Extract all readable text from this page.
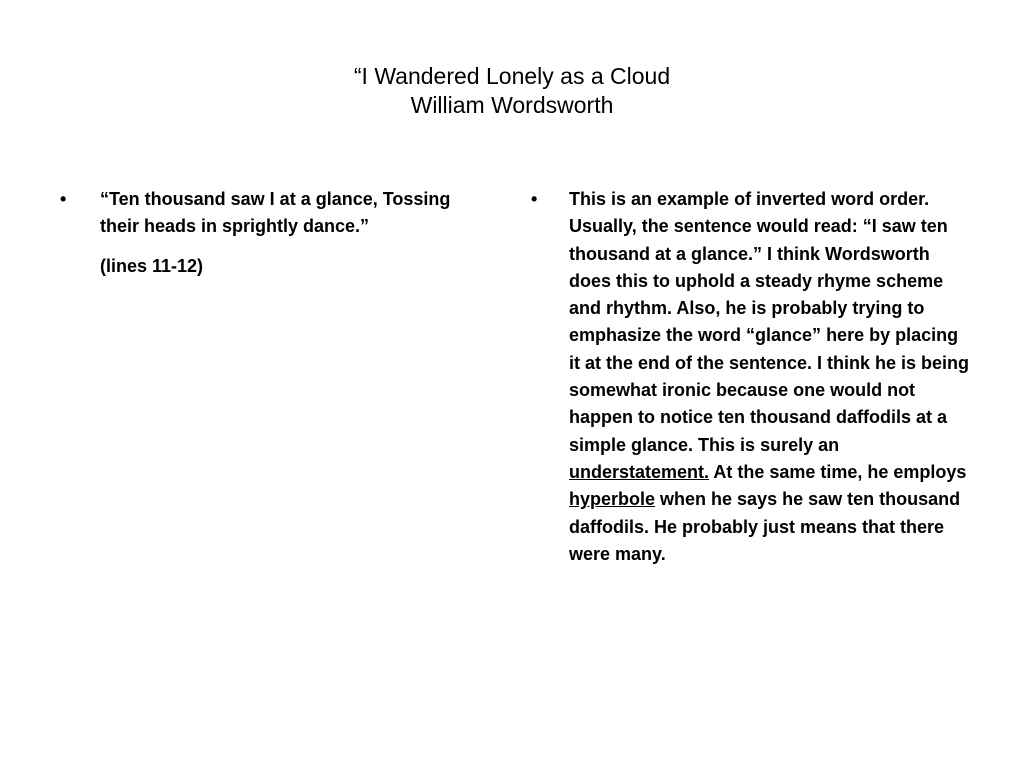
“I Wandered Lonely as a Cloud
William Wordsworth
• “Ten thousand saw I at a glance, Tossing their heads in sprightly dance.”
(lines 11-12)
• This is an example of inverted word order. Usually, the sentence would read: “I saw ten thousand at a glance.” I think Wordsworth does this to uphold a steady rhyme scheme and rhythm. Also, he is probably trying to emphasize the word “glance” here by placing it at the end of the sentence. I think he is being somewhat ironic because one would not happen to notice ten thousand daffodils at a simple glance. This is surely an understatement. At the same time, he employs hyperbole when he says he saw ten thousand daffodils. He probably just means that there were many.
